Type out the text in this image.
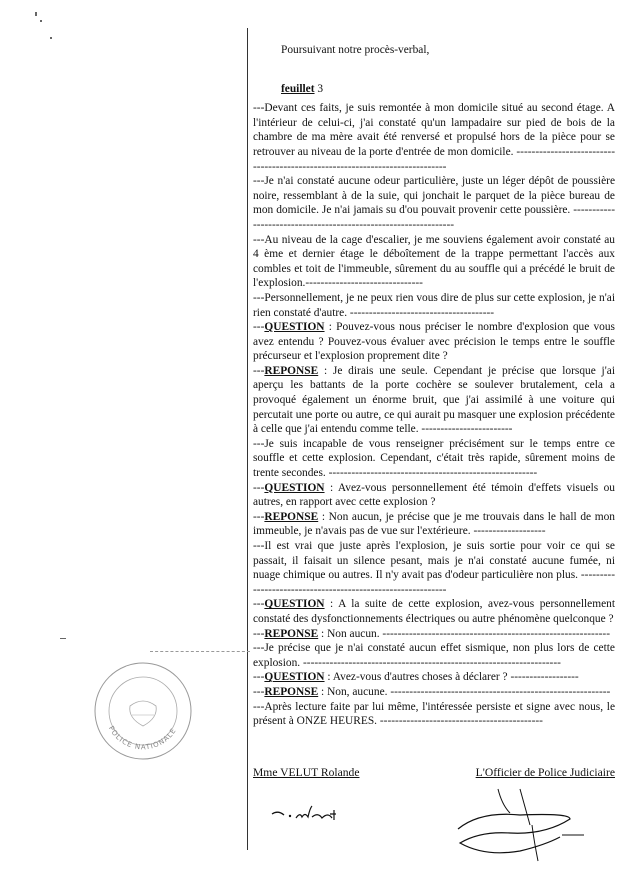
Poursuivant notre procès-verbal,

feuillet 3

---Devant ces faits, je suis remontée à mon domicile situé au second étage. A l'intérieur de celui-ci, j'ai constaté qu'un lampadaire sur pied de bois de la chambre de ma mère avait été renversé et propulsé hors de la pièce pour se retrouver au niveau de la porte d'entrée de mon domicile. -----------------------------------------------------------------------------

---Je n'ai constaté aucune odeur particulière, juste un léger dépôt de poussière noire, ressemblant à de la suie, qui jonchait le parquet de la pièce bureau de mon domicile. Je n'ai jamais su d'ou pouvait provenir cette poussière. ----------------------------------------------------------------

---Au niveau de la cage d'escalier, je me souviens également avoir constaté au 4 ème et dernier étage le déboîtement de la trappe permettant l'accès aux combles et toit de l'immeuble, sûrement du au souffle qui a précédé le bruit de l'explosion.-------------------------------

---Personnellement, je ne peux rien vous dire de plus sur cette explosion, je n'ai rien constaté d'autre. --------------------------------------

---QUESTION : Pouvez-vous nous préciser le nombre d'explosion que vous avez entendu ? Pouvez-vous évaluer avec précision le temps entre le souffle précurseur et l'explosion proprement dite ?

---REPONSE : Je dirais une seule. Cependant je précise que lorsque j'ai aperçu les battants de la porte cochère se soulever brutalement, cela a provoqué également un énorme bruit, que j'ai assimilé à une voiture qui percutait une porte ou autre, ce qui aurait pu masquer une explosion précédente à celle que j'ai entendu comme telle. ------------------------

---Je suis incapable de vous renseigner précisément sur le temps entre ce souffle et cette explosion. Cependant, c'était très rapide, sûrement moins de trente secondes. -------------------------------------------------------

---QUESTION : Avez-vous personnellement été témoin d'effets visuels ou autres, en rapport avec cette explosion ?

---REPONSE : Non aucun, je précise que je me trouvais dans le hall de mon immeuble, je n'avais pas de vue sur l'extérieure. -------------------

---Il est vrai que juste après l'explosion, je suis sortie pour voir ce qui se passait, il faisait un silence pesant, mais je n'ai constaté aucune fumée, ni nuage chimique ou autres. Il n'y avait pas d'odeur particulière non plus. ------------------------------------------------------------

---QUESTION : A la suite de cette explosion, avez-vous personnellement constaté des dysfonctionnements électriques ou autre phénomène quelconque ?

---REPONSE : Non aucun. ------------------------------------------------------------

---Je précise que je n'ai constaté aucun effet sismique, non plus lors de cette explosion. --------------------------------------------------------------------

---QUESTION : Avez-vous d'autres choses à déclarer ? ------------------

---REPONSE : Non, aucune. ----------------------------------------------------------

---Après lecture faite par lui même, l'intéressée persiste et signe avec nous, le présent à ONZE HEURES. -------------------------------------------

Mme VELUT Rolande	L'Officier de Police Judiciaire
POLICE NATIONALE
